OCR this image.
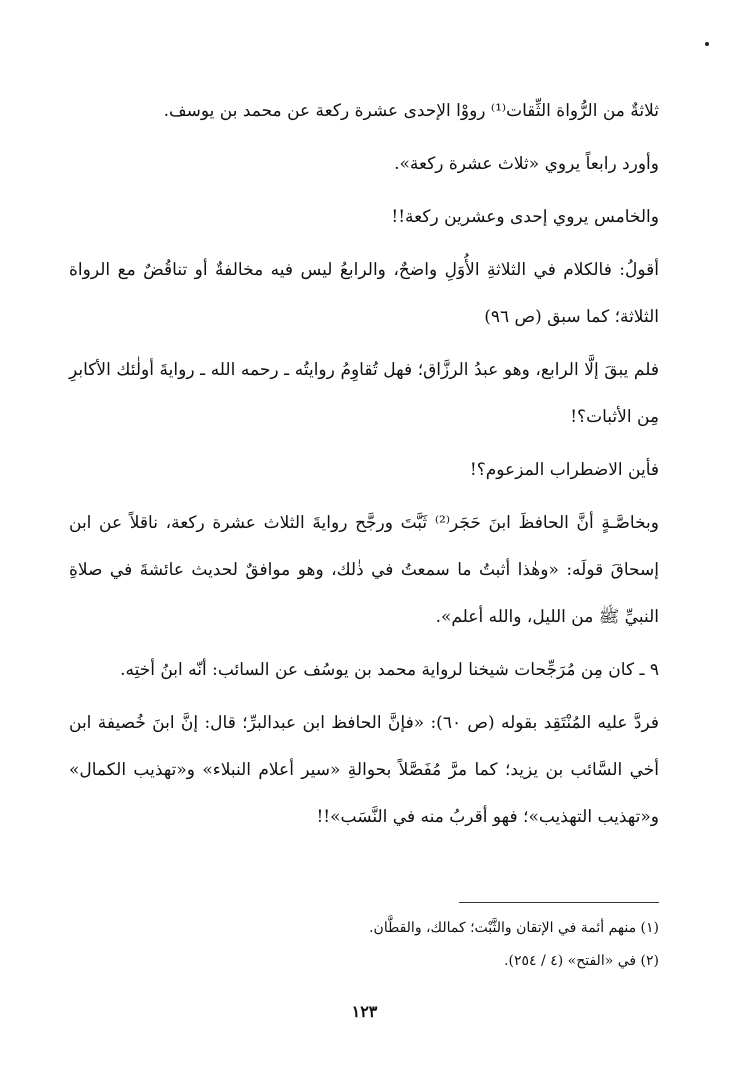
ثلاثةٌ من الرُّواة الثِّقات⁽¹⁾ رووْا الإحدى عشرة ركعة عن محمد بن يوسف.

وأورد رابعاً يروي «ثلاث عشرة ركعة».

والخامس يروي إحدى وعشرين ركعة!!

أقولُ: فالكلام في الثلاثةِ الأُوَلِ واضحٌ، والرابعُ ليس فيه مخالفةٌ أو تناقُضٌ مع الرواة الثلاثة؛ كما سبق (ص ٩٦)

فلم يبقَ إلَّا الرابع، وهو عبدُ الرزَّاق؛ فهل تُقاوِمُ روايتُه ـ رحمه الله ـ روايةَ أولٰئك الأكابرِ مِن الأثبات؟!

فأين الاضطراب المزعوم؟!

وبخاصَّـةٍ أنَّ الحافظَ ابنَ حَجَر⁽²⁾ ثَبَّتَ ورجَّح روايةَ الثلاث عشرة ركعة، ناقلاً عن ابن إسحاقَ قولَه: «وهٰذا أثبتُ ما سمعتُ في ذٰلك، وهو موافقٌ لحديث عائشةَ في صلاةِ النبيِّ ﷺ من الليل، والله أعلم».

٩ ـ كان مِن مُرَجِّحات شيخنا لرواية محمد بن يوسُف عن السائب: أنّه ابنُ أختِه.

فردَّ عليه المُنْتَقِد بقوله (ص ٦٠): «فإنَّ الحافظ ابن عبدالبرِّ؛ قال: إنَّ ابنَ خُصيفة ابن أخي السَّائب بن يزيد؛ كما مرَّ مُفَصَّلاً بحوالةِ «سير أعلام النبلاء» و«تهذيب الكمال» و«تهذيب التهذيب»؛ فهو أقربُ منه في النَّسَب»!!

(١) منهم أئمة في الإتقان والثَّبْت؛ كمالك، والقطَّان.

(٢) في «الفتح» (٤ / ٢٥٤).

١٢٣
